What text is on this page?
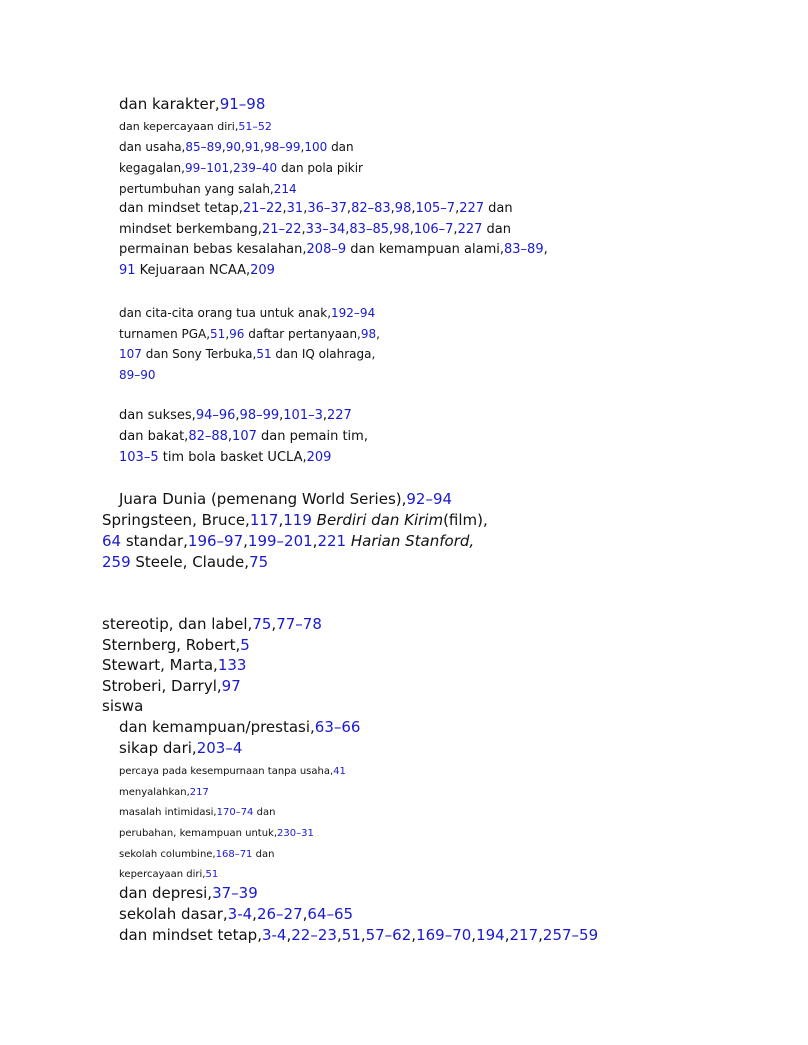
dan karakter,91–98

dan kepercayaan diri,51–52

dan usaha,85–89,90,91,98–99,100 dan

kegagalan,99–101,239–40 dan pola pikir

pertumbuhan yang salah,214

dan mindset tetap,21–22,31,36–37,82–83,98,105–7,227 dan

mindset berkembang,21–22,33–34,83–85,98,106–7,227 dan

permainan bebas kesalahan,208–9 dan kemampuan alami,83–89,

91 Kejuaraan NCAA,209

dan cita-cita orang tua untuk anak,192–94

turnamen PGA,51,96 daftar pertanyaan,98,

107 dan Sony Terbuka,51 dan IQ olahraga,

89–90

dan sukses,94–96,98–99,101–3,227

dan bakat,82–88,107 dan pemain tim,

103–5 tim bola basket UCLA,209

Juara Dunia (pemenang World Series),92–94

Springsteen, Bruce,117,119 Berdiri dan Kirim(film),

64 standar,196–97,199–201,221 Harian Stanford,

259 Steele, Claude,75

stereotip, dan label,75,77–78

Sternberg, Robert,5

Stewart, Marta,133

Stroberi, Darryl,97

siswa

dan kemampuan/prestasi,63–66

sikap dari,203–4

percaya pada kesempurnaan tanpa usaha,41

menyalahkan,217

masalah intimidasi,170–74 dan

perubahan, kemampuan untuk,230–31

sekolah columbine,168–71 dan

kepercayaan diri,51

dan depresi,37–39

sekolah dasar,3-4,26–27,64–65

dan mindset tetap,3-4,22–23,51,57–62,169–70,194,217,257–59
